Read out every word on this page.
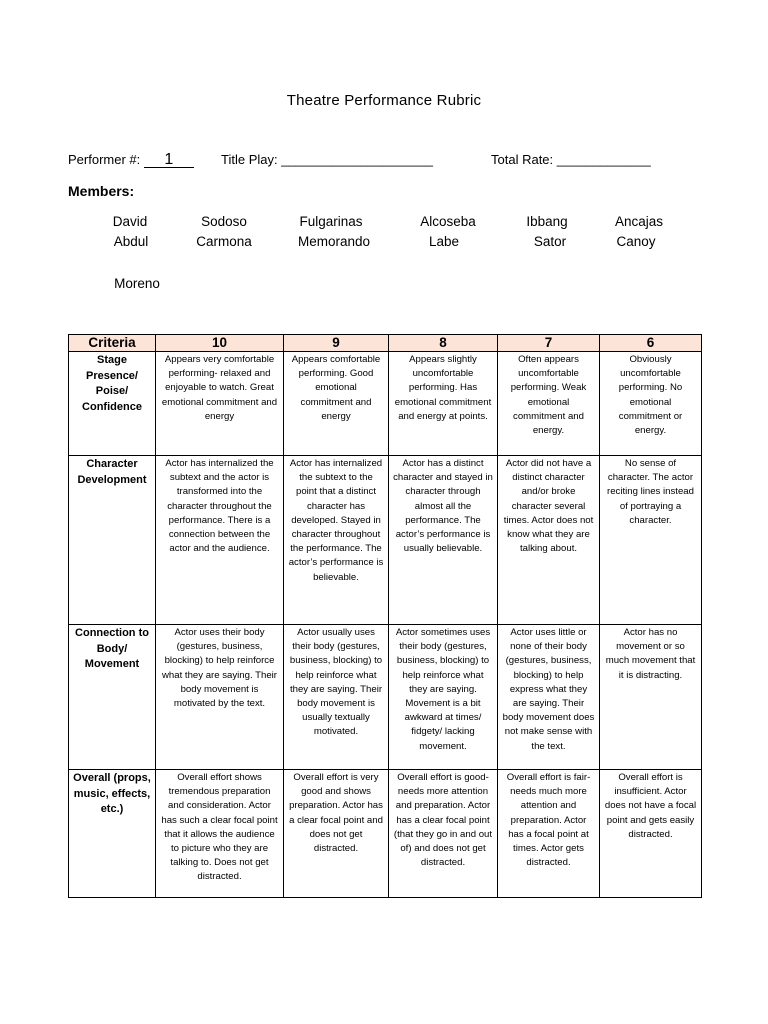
Theatre Performance Rubric
Performer #: 1	Title Play: _____________________	Total Rate: _____________
Members:
David	Sodoso	Fulgarinas	Alcoseba	Ibbang	Ancajas
Abdul	Carmona	Memorando	Labe	Sator	Canoy
Moreno
Criteria	10	9	8	7	6
Stage Presence/ Poise/ Confidence	Appears very comfortable performing- relaxed and enjoyable to watch. Great emotional commitment and energy	Appears comfortable performing. Good emotional commitment and energy	Appears slightly uncomfortable performing. Has emotional commitment and energy at points.	Often appears uncomfortable performing. Weak emotional commitment and energy.	Obviously uncomfortable performing. No emotional commitment or energy.
Character Development	Actor has internalized the subtext and the actor is transformed into the character throughout the performance. There is a connection between the actor and the audience.	Actor has internalized the subtext to the point that a distinct character has developed. Stayed in character throughout the performance. The actor’s performance is believable.	Actor has a distinct character and stayed in character through almost all the performance. The actor’s performance is usually believable.	Actor did not have a distinct character and/or broke character several times. Actor does not know what they are talking about.	No sense of character. The actor reciting lines instead of portraying a character.
Connection to Body/ Movement	Actor uses their body (gestures, business, blocking) to help reinforce what they are saying. Their body movement is motivated by the text.	Actor usually uses their body (gestures, business, blocking) to help reinforce what they are saying. Their body movement is usually textually motivated.	Actor sometimes uses their body (gestures, business, blocking) to help reinforce what they are saying. Movement is a bit awkward at times/ fidgety/ lacking movement.	Actor uses little or none of their body (gestures, business, blocking) to help express what they are saying. Their body movement does not make sense with the text.	Actor has no movement or so much movement that it is distracting.
Overall (props, music, effects, etc.)	Overall effort shows tremendous preparation and consideration. Actor has such a clear focal point that it allows the audience to picture who they are talking to. Does not get distracted.	Overall effort is very good and shows preparation. Actor has a clear focal point and does not get distracted.	Overall effort is good- needs more attention and preparation. Actor has a clear focal point (that they go in and out of) and does not get distracted.	Overall effort is fair- needs much more attention and preparation. Actor has a focal point at times. Actor gets distracted.	Overall effort is insufficient. Actor does not have a focal point and gets easily distracted.
